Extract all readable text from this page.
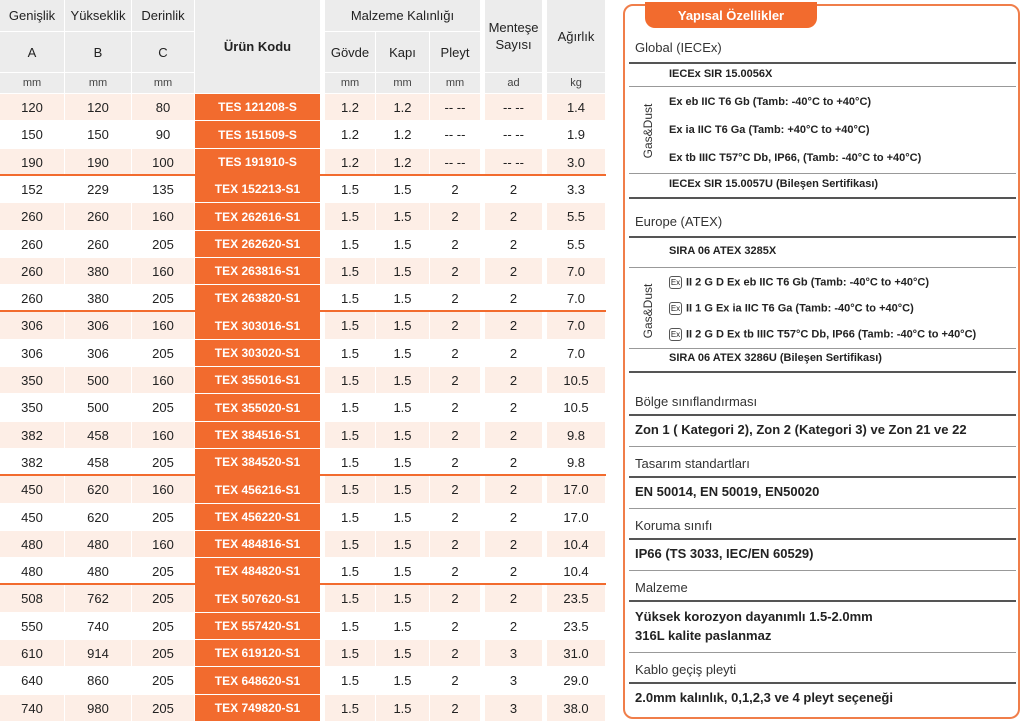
Genişlik	Yükseklik	Derinlik	Malzeme Kalınlığı
A	B	C	Gövde	Kapı	Pleyt
Ürün Kodu
Menteşe Sayısı
Ağırlık
mm	mm	mm	mm	mm	mm	ad	kg
120	120	80	TES 121208-S	1.2	1.2	-- --	-- --	1.4
150	150	90	TES 151509-S	1.2	1.2	-- --	-- --	1.9
190	190	100	TES 191910-S	1.2	1.2	-- --	-- --	3.0
152	229	135	TEX 152213-S1	1.5	1.5	2	2	3.3
260	260	160	TEX 262616-S1	1.5	1.5	2	2	5.5
260	260	205	TEX 262620-S1	1.5	1.5	2	2	5.5
260	380	160	TEX 263816-S1	1.5	1.5	2	2	7.0
260	380	205	TEX 263820-S1	1.5	1.5	2	2	7.0
306	306	160	TEX 303016-S1	1.5	1.5	2	2	7.0
306	306	205	TEX 303020-S1	1.5	1.5	2	2	7.0
350	500	160	TEX 355016-S1	1.5	1.5	2	2	10.5
350	500	205	TEX 355020-S1	1.5	1.5	2	2	10.5
382	458	160	TEX 384516-S1	1.5	1.5	2	2	9.8
382	458	205	TEX 384520-S1	1.5	1.5	2	2	9.8
450	620	160	TEX 456216-S1	1.5	1.5	2	2	17.0
450	620	205	TEX 456220-S1	1.5	1.5	2	2	17.0
480	480	160	TEX 484816-S1	1.5	1.5	2	2	10.4
480	480	205	TEX 484820-S1	1.5	1.5	2	2	10.4
508	762	205	TEX 507620-S1	1.5	1.5	2	2	23.5
550	740	205	TEX 557420-S1	1.5	1.5	2	2	23.5
610	914	205	TEX 619120-S1	1.5	1.5	2	3	31.0
640	860	205	TEX 648620-S1	1.5	1.5	2	3	29.0
740	980	205	TEX 749820-S1	1.5	1.5	2	3	38.0
Yapısal Özellikler
Global (IECEx)
IECEx SIR 15.0056X
Gas&Dust
Ex eb IIC T6 Gb (Tamb: -40°C to +40°C)
Ex ia IIC T6 Ga (Tamb: +40°C to +40°C)
Ex tb IIIC T57°C Db, IP66, (Tamb: -40°C to +40°C)
IECEx SIR 15.0057U (Bileşen Sertifikası)
Europe (ATEX)
SIRA 06 ATEX 3285X
Gas&Dust
Ex II 2 G D Ex eb IIC T6 Gb (Tamb: -40°C to +40°C)
Ex II 1 G Ex ia IIC T6 Ga (Tamb: -40°C to +40°C)
Ex II 2 G D Ex tb IIIC T57°C Db, IP66 (Tamb: -40°C to +40°C)
SIRA 06 ATEX 3286U (Bileşen Sertifikası)
Bölge sınıflandırması
Zon 1 ( Kategori 2), Zon 2 (Kategori 3) ve Zon 21 ve 22
Tasarım standartları
EN 50014, EN 50019, EN50020
Koruma sınıfı
IP66 (TS 3033, IEC/EN 60529)
Malzeme
Yüksek korozyon dayanımlı 1.5-2.0mm
316L kalite paslanmaz
Kablo geçiş pleyti
2.0mm kalınlık, 0,1,2,3 ve 4 pleyt seçeneği
